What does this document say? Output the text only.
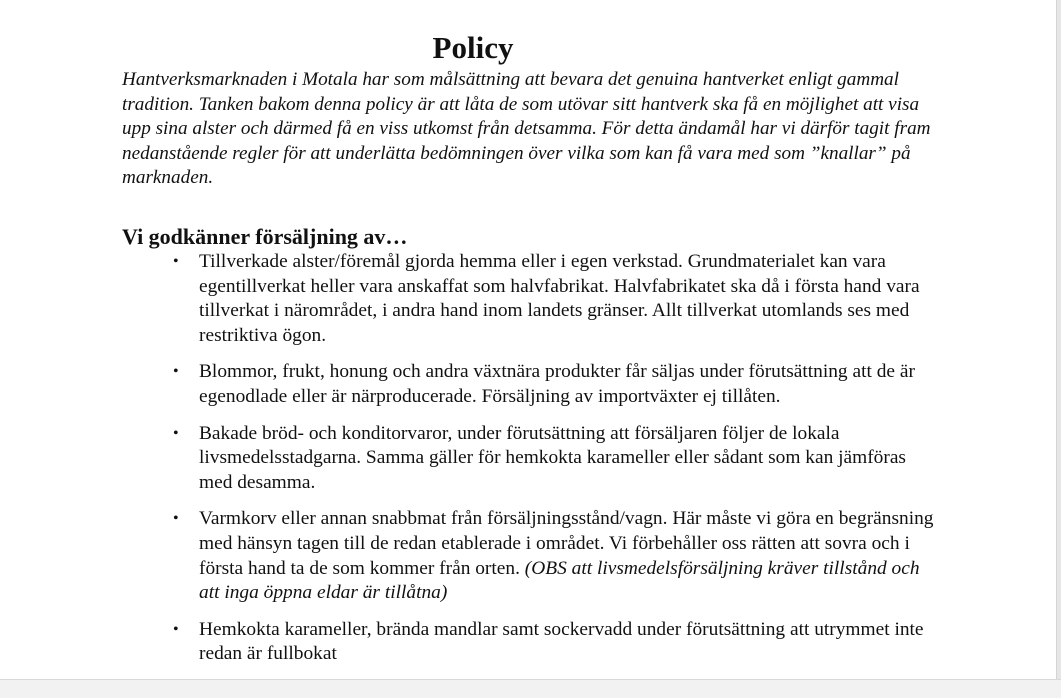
Policy

Hantverksmarknaden i Motala har som målsättning att bevara det genuina hantverket enligt gammal tradition. Tanken bakom denna policy är att låta de som utövar sitt hantverk ska få en möjlighet att visa upp sina alster och därmed få en viss utkomst från detsamma. För detta ändamål har vi därför tagit fram nedanstående regler för att underlätta bedömningen över vilka som kan få vara med som ”knallar” på marknaden.

Vi godkänner försäljning av…
• Tillverkade alster/föremål gjorda hemma eller i egen verkstad. Grundmaterialet kan vara egentillverkat heller vara anskaffat som halvfabrikat. Halvfabrikatet ska då i första hand vara tillverkat i närområdet, i andra hand inom landets gränser. Allt tillverkat utomlands ses med restriktiva ögon.
• Blommor, frukt, honung och andra växtnära produkter får säljas under förutsättning att de är egenodlade eller är närproducerade. Försäljning av importväxter ej tillåten.
• Bakade bröd- och konditorvaror, under förutsättning att försäljaren följer de lokala livsmedelsstadgarna. Samma gäller för hemkokta karameller eller sådant som kan jämföras med desamma.
• Varmkorv eller annan snabbmat från försäljningsstånd/vagn. Här måste vi göra en begränsning med hänsyn tagen till de redan etablerade i området. Vi förbehåller oss rätten att sovra och i första hand ta de som kommer från orten. (OBS att livsmedelsförsäljning kräver tillstånd och att inga öppna eldar är tillåtna)
• Hemkokta karameller, brända mandlar samt sockervadd under förutsättning att utrymmet inte redan är fullbokat
